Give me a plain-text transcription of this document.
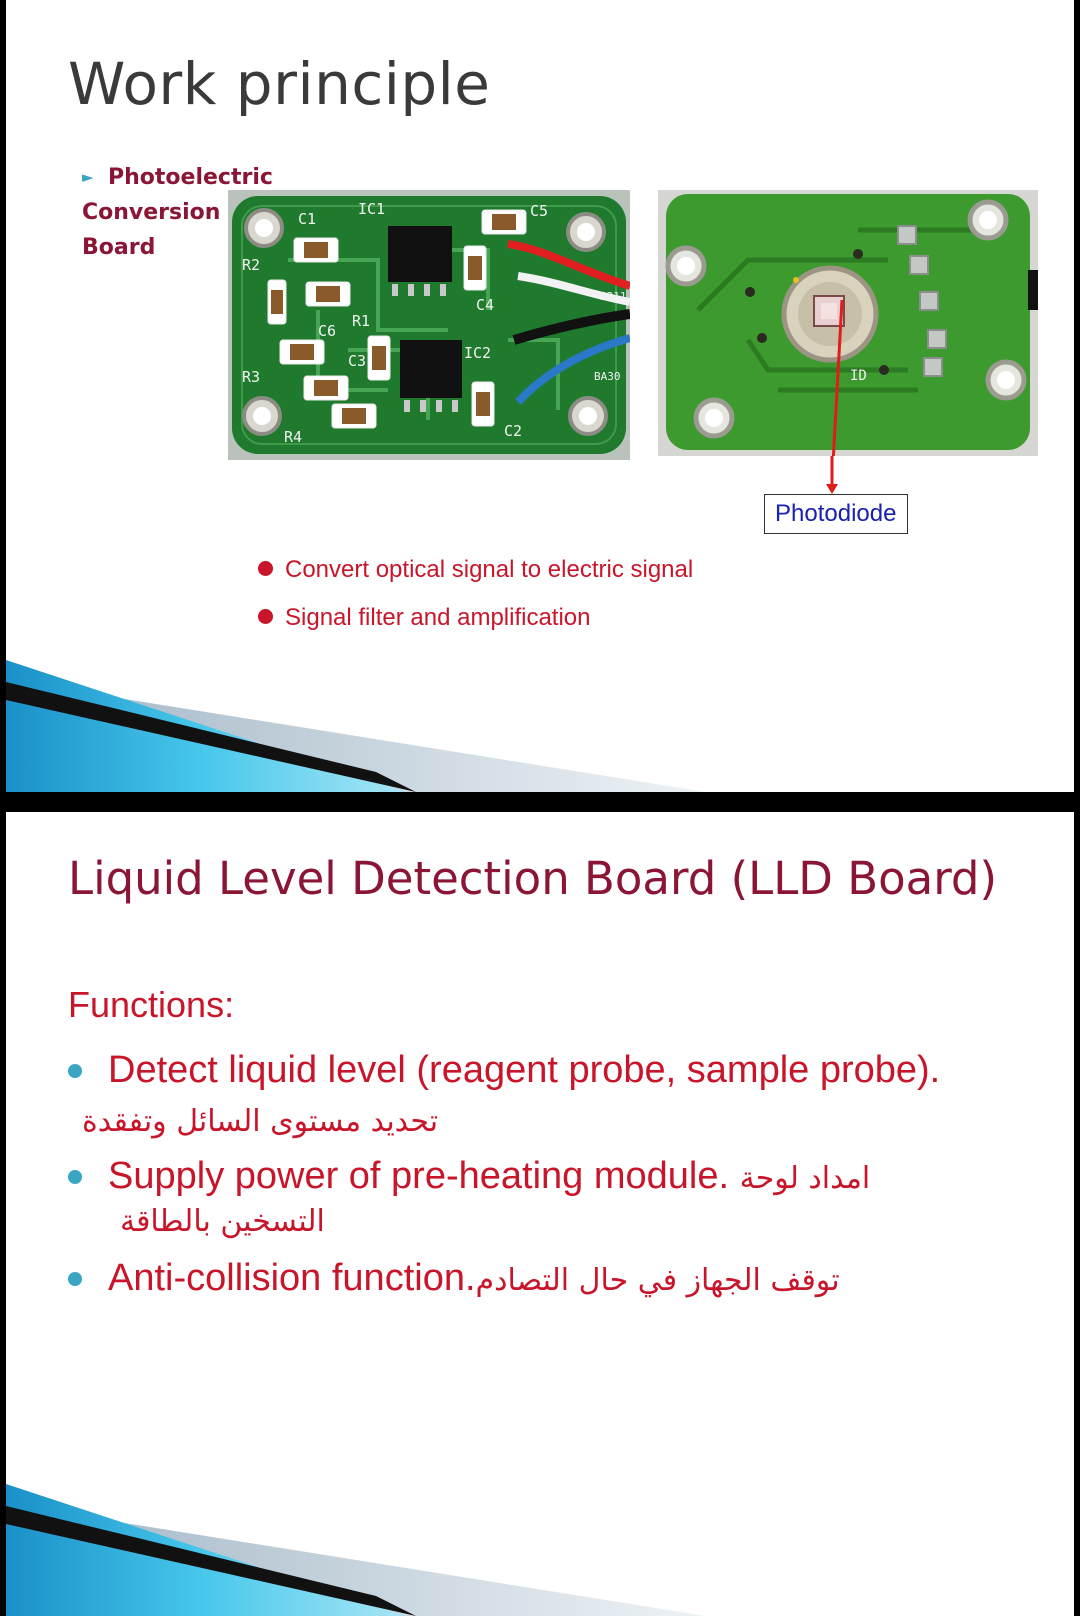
Work principle
► Photoelectric
Conversion
Board
C1
IC1	C5
R2
R1
C6
C4
C3	IC2
R3
R4	C2
B311
BA30	ID
Photodiode
Convert optical signal to electric signal
Signal filter and amplification
Liquid Level Detection Board (LLD Board)
Functions:
Detect liquid level (reagent probe, sample probe).
تحديد مستوى السائل وتفقدة
Supply power of pre-heating module. امداد لوحة
التسخين بالطاقة
Anti-collision function.توقف الجهاز في حال التصادم
